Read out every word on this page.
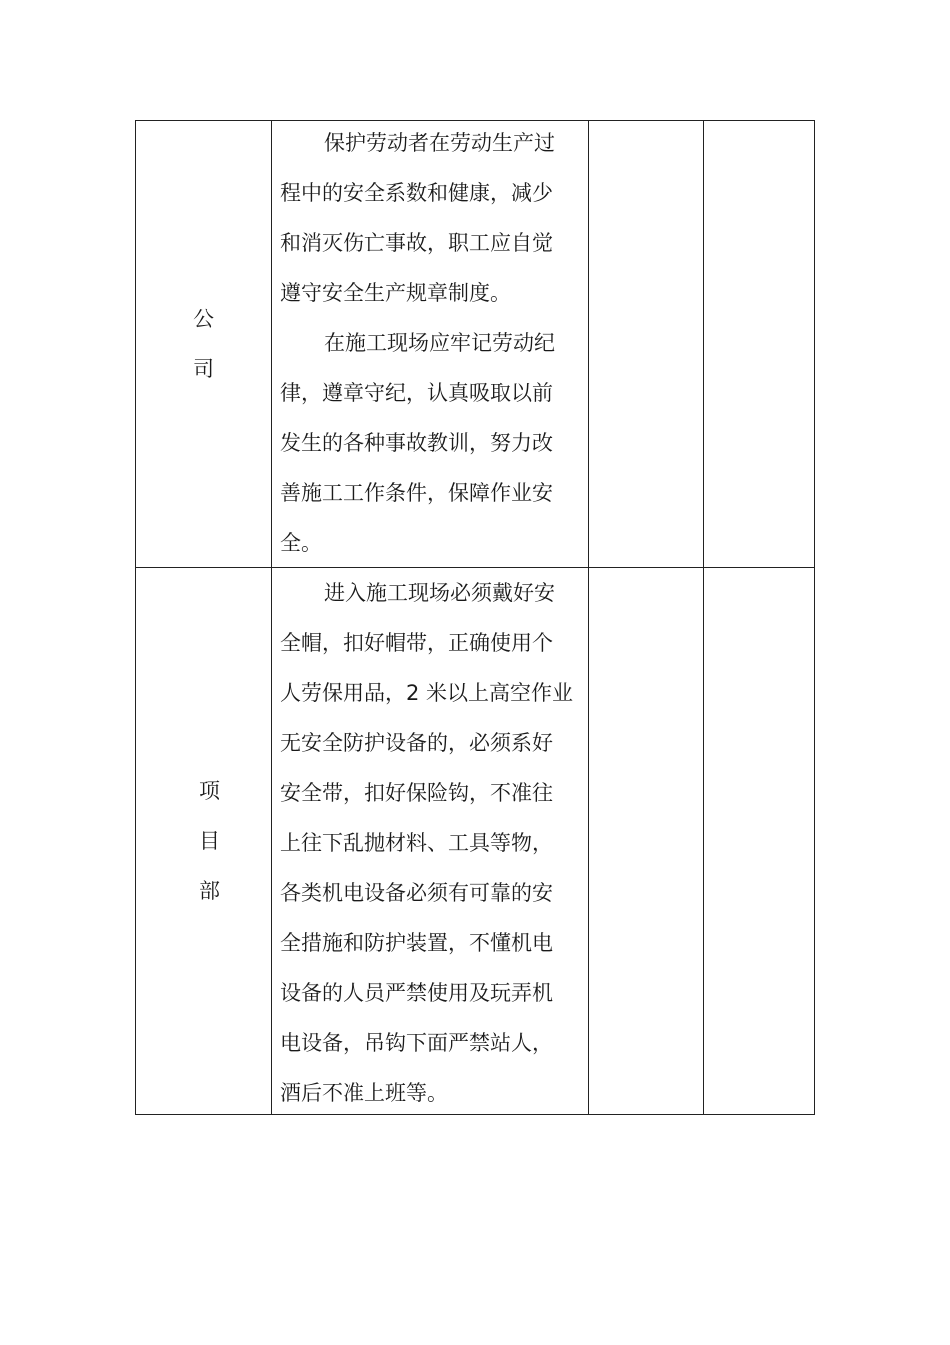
公
司
保护劳动者在劳动生产过
程中的安全系数和健康，减少
和消灭伤亡事故，职工应自觉
遵守安全生产规章制度。
在施工现场应牢记劳动纪
律，遵章守纪，认真吸取以前
发生的各种事故教训，努力改
善施工工作条件，保障作业安
全。
项
目
部
进入施工现场必须戴好安
全帽，扣好帽带，正确使用个
人劳保用品，2 米以上高空作业
无安全防护设备的，必须系好
安全带，扣好保险钩，不准往
上往下乱抛材料、工具等物，
各类机电设备必须有可靠的安
全措施和防护装置，不懂机电
设备的人员严禁使用及玩弄机
电设备，吊钩下面严禁站人，
酒后不准上班等。
